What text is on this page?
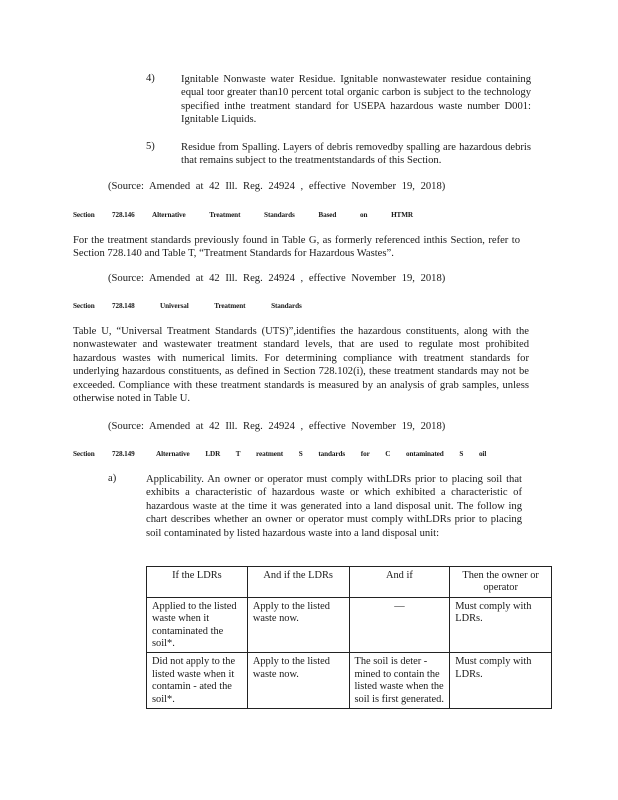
4) Ignitable Nonwaste water Residue. Ignitable nonwastewater residue containing equal toor greater than10 percent total organic carbon is subject to the technology specified inthe treatment standard for USEPA hazardous waste number D001: Ignitable Liquids.
5) Residue from Spalling. Layers of debris removedby spalling are hazardous debris that remains subject to the treatmentstandards of this Section.
(Source: Amended at 42 Ill. Reg. 24924 , effective November 19, 2018)
Section 728.146 Alternative Treatment Standards Based on HTMR
For the treatment standards previously found in Table G, as formerly referenced inthis Section, refer to Section 728.140 and Table T, “Treatment Standards for Hazardous Wastes”.
(Source: Amended at 42 Ill. Reg. 24924 , effective November 19, 2018)
Section 728.148	Universal Treatment Standards
Table U, “Universal Treatment Standards (UTS)”,identifies the hazardous constituents, along with the nonwastewater and wastewater treatment standard levels, that are used to regulate most prohibited hazardous wastes with numerical limits. For determining compliance with treatment standards for underlying hazardous constituents, as defined in Section 728.102(i), these treatment standards may not be exceeded. Compliance with these treatment standards is measured by an analysis of grab samples, unless otherwise noted in Table U.
(Source: Amended at 42 Ill. Reg. 24924 , effective November 19, 2018)
Section 728.149	Alternative LDR T reatment S tandards for C ontaminated S oil
a)	Applicability. An owner or operator must comply withLDRs prior to placing soil that exhibits a characteristic of hazardous waste or which exhibited a characteristic of hazardous waste at the time it was generated into a land disposal unit. The follow ing chart describes whether an owner or operator must comply withLDRs prior to placing soil contaminated by listed hazardous waste into a land disposal unit:
If the LDRs	And if the LDRs	And if	Then the owner or operator
Applied to the listed waste when it contaminated the soil*.	Apply to the listed waste now.	—	Must comply with LDRs.
Did not apply to the listed waste when it contamin - ated the soil*.	Apply to the listed waste now.	The soil is deter - mined to contain the listed waste when the soil is first generated.	Must comply with LDRs.
